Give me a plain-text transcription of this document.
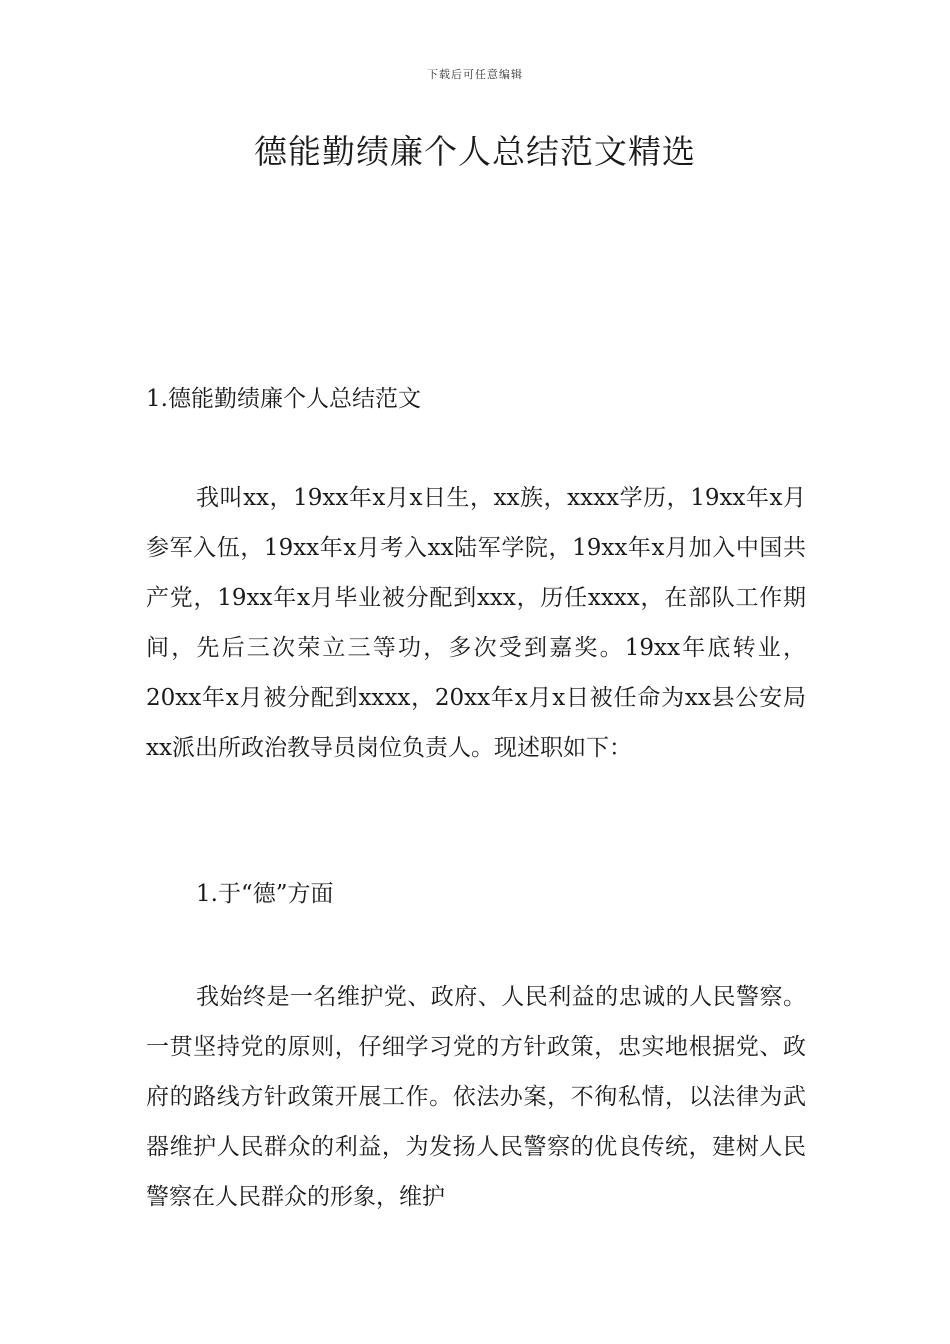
下载后可任意编辑
德能勤绩廉个人总结范文精选

1.德能勤绩廉个人总结范文

我叫xx，19xx年x月x日生，xx族，xxxx学历，19xx年x月参军入伍，19xx年x月考入xx陆军学院，19xx年x月加入中国共产党，19xx年x月毕业被分配到xxx，历任xxxx，在部队工作期间，先后三次荣立三等功，多次受到嘉奖。19xx年底转业，20xx年x月被分配到xxxx，20xx年x月x日被任命为xx县公安局xx派出所政治教导员岗位负责人。现述职如下：

1.于“德”方面

我始终是一名维护党、政府、人民利益的忠诚的人民警察。一贯坚持党的原则，仔细学习党的方针政策，忠实地根据党、政府的路线方针政策开展工作。依法办案，不徇私情，以法律为武器维护人民群众的利益，为发扬人民警察的优良传统，建树人民警察在人民群众的形象，维护
